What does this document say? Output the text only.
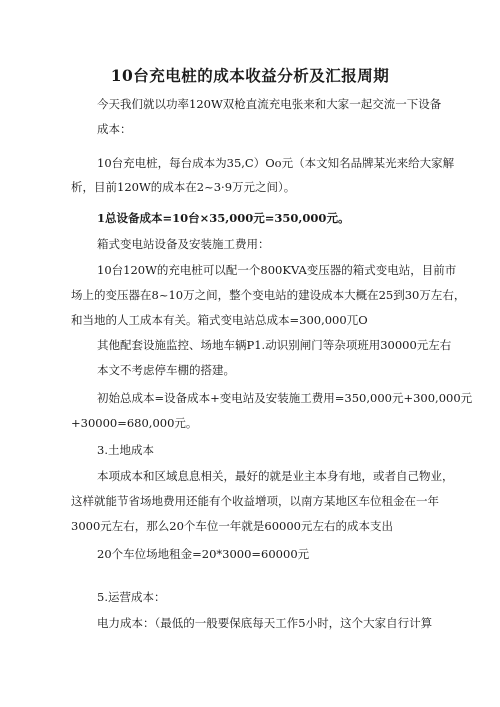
10台充电桩的成本收益分析及汇报周期
今天我们就以功率120W双枪直流充电张来和大家一起交流一下设备
成本：
10台充电桩，每台成本为35,C）Oo元（本文知名品牌某光来给大家解
析，目前120W的成本在2~3·9万元之间）。
1总设备成本=10台×35,000元=350,000元。
箱式变电站设备及安装施工费用：
10台120W的充电桩可以配一个800KVA变压器的箱式变电站，目前市
场上的变压器在8~10万之间，整个变电站的建设成本大概在25到30万左右，
和当地的人工成本有关。箱式变电站总成本=300,000兀O
其他配套设施监控、场地车辆P1.动识别闸门等杂项班用30000元左右
本文不考虑停车棚的搭建。
初始总成本=设备成本+变电站及安装施工费用=350,000元+300,000元
+30000=680,000元。
3.土地成本
本项成本和区域息息相关，最好的就是业主本身有地，或者自己物业，
这样就能节省场地费用还能有个收益增项，以南方某地区车位租金在一年
3000元左右，那么20个车位一年就是60000元左右的成本支出
20个车位场地租金=20*3000=60000元
5.运营成本：
电力成本：（最低的一般要保底每天工作5小时，这个大家自行计算
